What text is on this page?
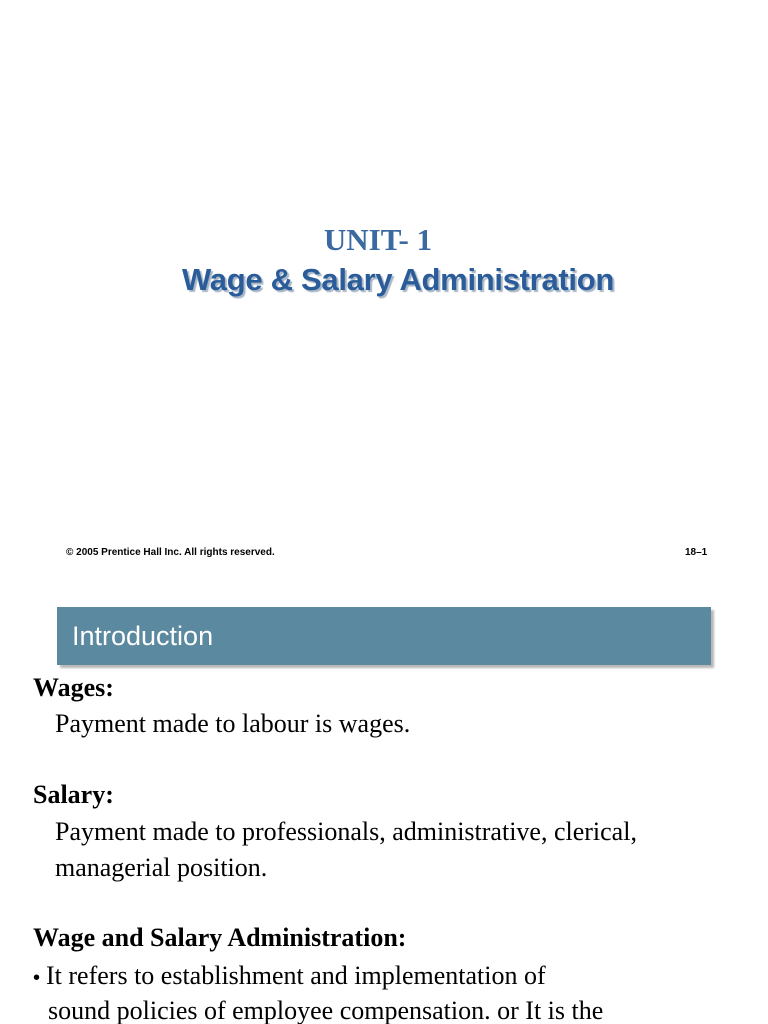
UNIT- 1
Wage & Salary Administration
© 2005 Prentice Hall Inc. All rights reserved.	18–1
Introduction
Wages:
Payment made to labour is wages.
Salary:
Payment made to professionals, administrative, clerical,
managerial position.
Wage and Salary Administration:
• It refers to establishment and implementation of
sound policies of employee compensation. or It is the
